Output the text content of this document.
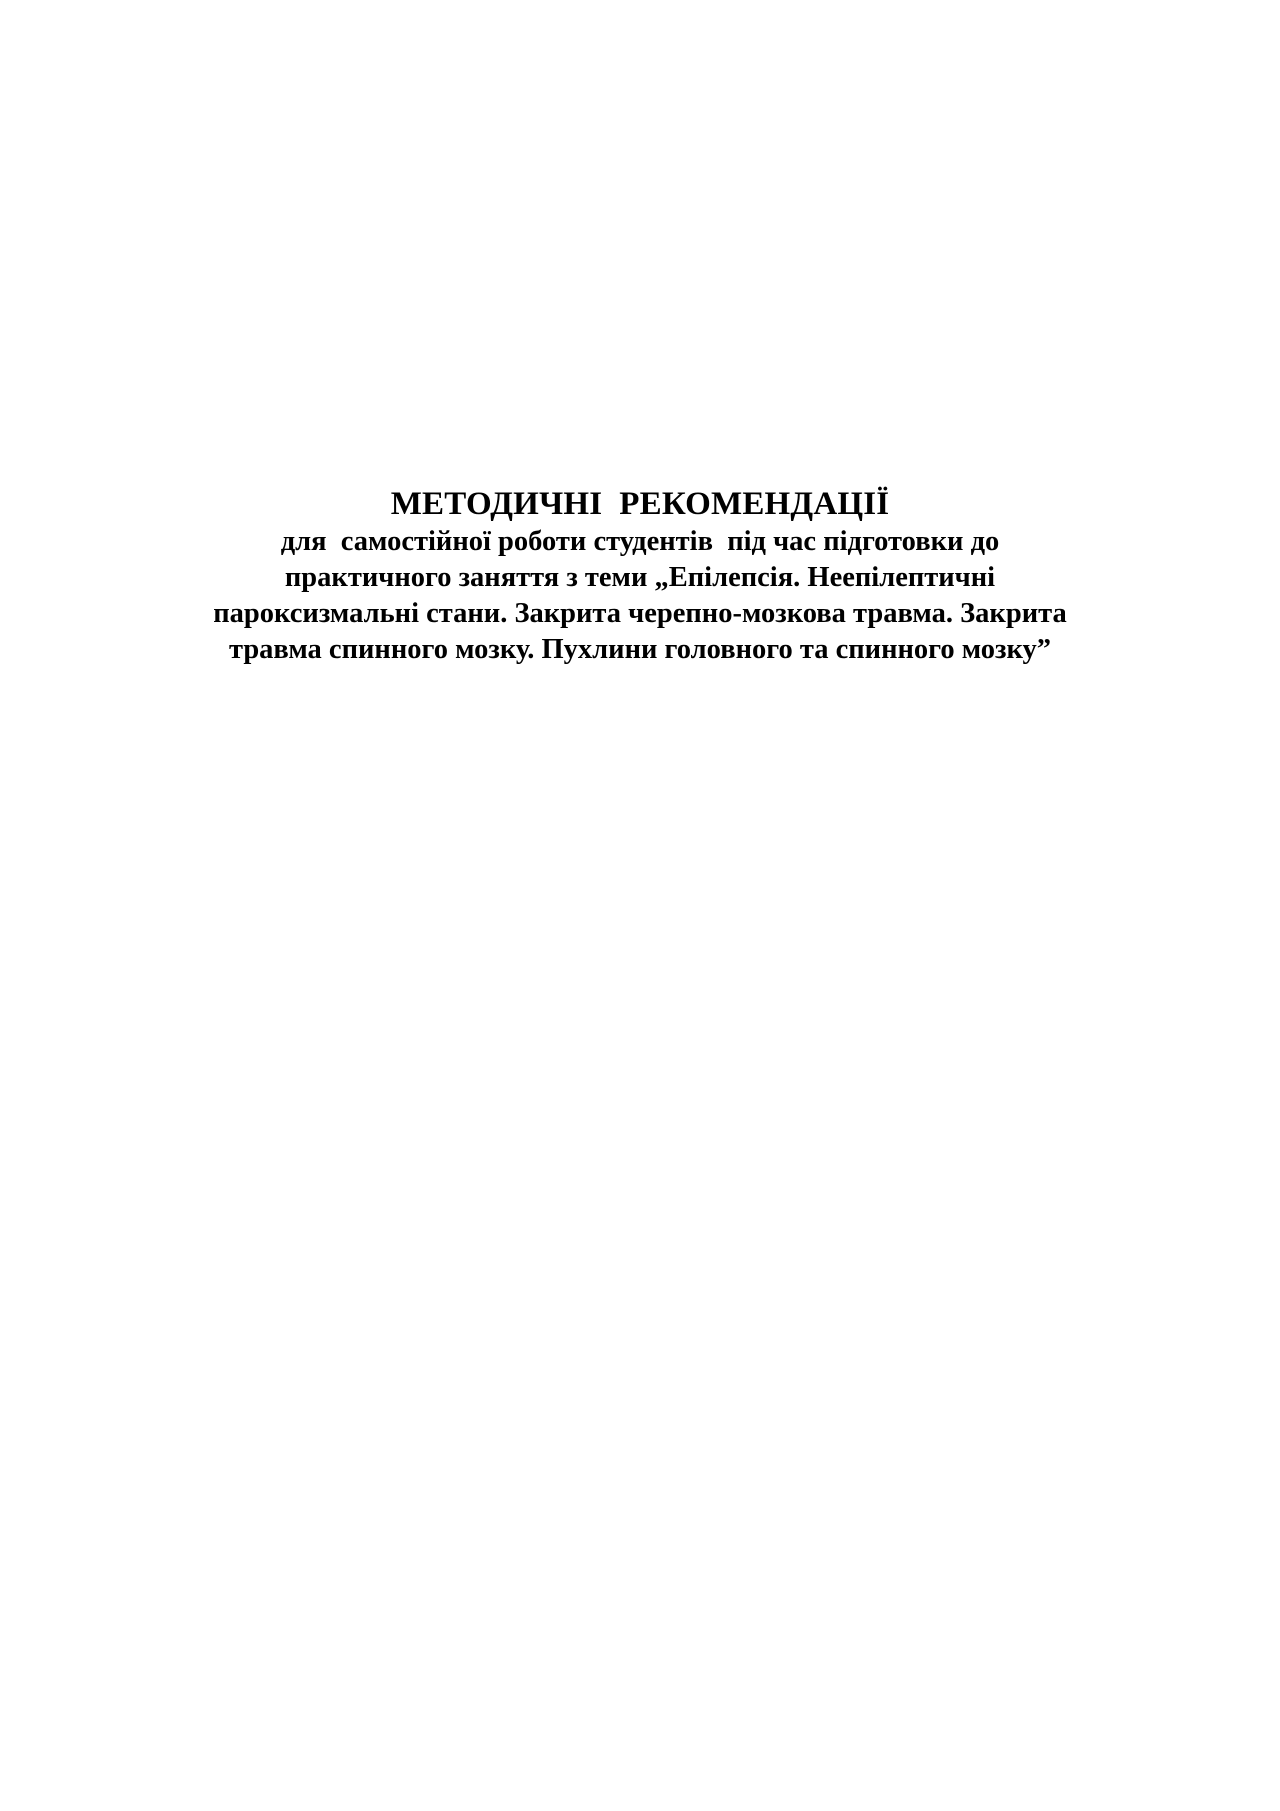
МЕТОДИЧНІ  РЕКОМЕНДАЦІЇ

для  самостійної роботи студентів  під час підготовки до
практичного заняття з теми „Епілепсія. Неепілептичні
пароксизмальні стани. Закрита черепно-мозкова травма. Закрита
травма спинного мозку. Пухлини головного та спинного мозку”
